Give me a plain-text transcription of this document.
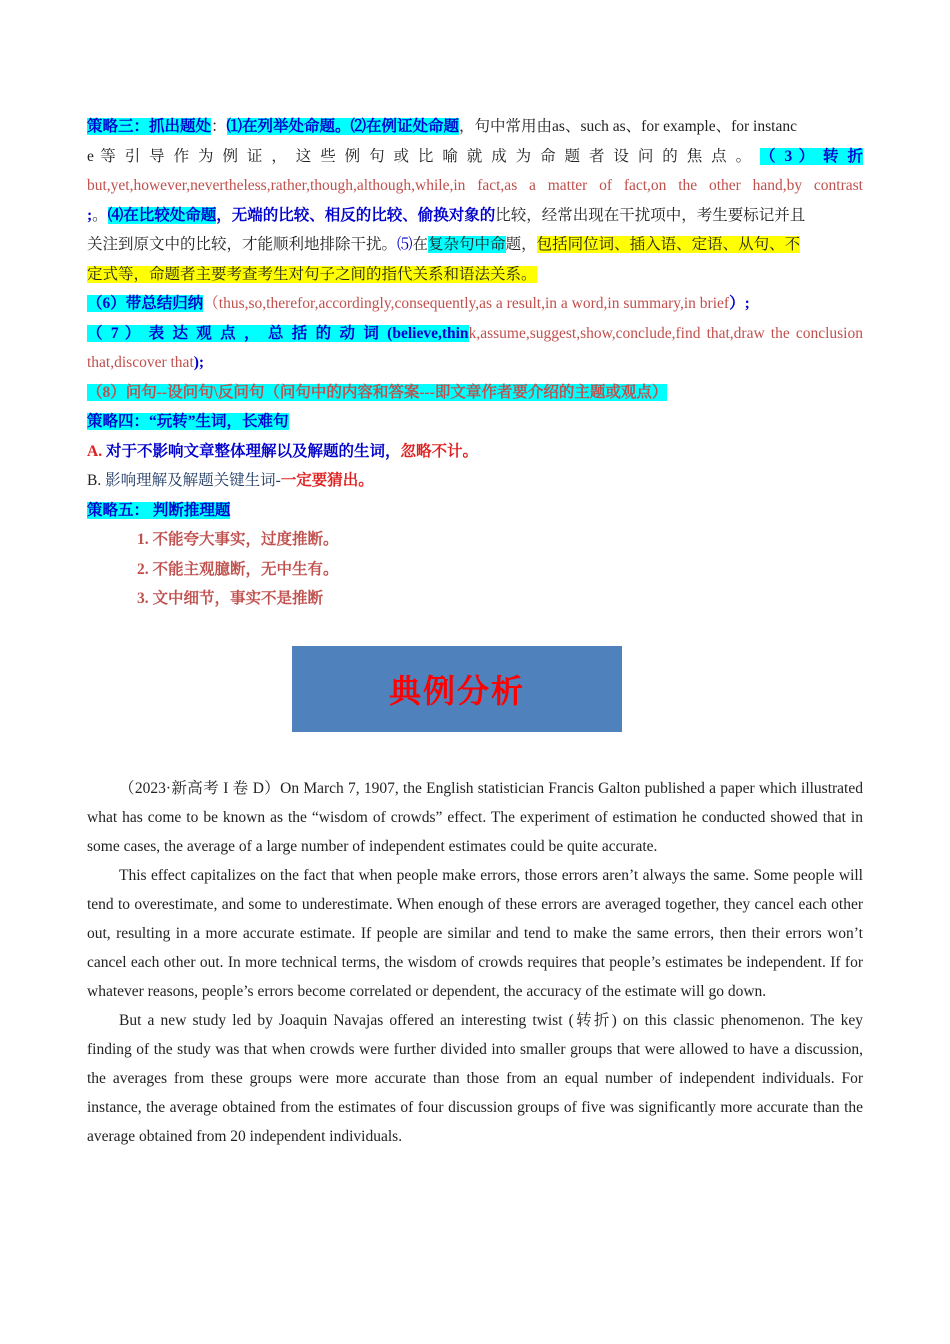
策略三：抓出题处：⑴在列举处命题。⑵在例证处命题，句中常用由as、such as、for example、for instanc
e 等 引 导 作 为 例 证 ， 这 些 例 句 或 比 喻 就 成 为 命 题 者 设 问 的 焦 点 。 （ 3 ） 转 折
but,yet,however,nevertheless,rather,though,although,while,in fact,as a matter of fact,on the other hand,by contrast
;。⑷在比较处命题，无端的比较、相反的比较、偷换对象的比较，经常出现在干扰项中，考生要标记并且
关注到原文中的比较，才能顺利地排除干扰。⑸在复杂句中命题，包括同位词、插入语、定语、从句、不
定式等，命题者主要考查考生对句子之间的指代关系和语法关系。
（6）带总结归纳（thus,so,therefor,accordingly,consequently,as a result,in a word,in summary,in brief）;
（ 7 ） 表 达 观 点 ， 总 括 的 动 词 (believe,think,assume,suggest,show,conclude,find that,draw the conclusion
that,discover that);
（8）问句--设问句\反问句（问句中的内容和答案---即文章作者要介绍的主题或观点）
策略四：“玩转”生词，长难句
A. 对于不影响文章整体理解以及解题的生词，忽略不计。
B. 影响理解及解题关键生词-一定要猜出。
策略五： 判断推理题
1. 不能夸大事实，过度推断。
2. 不能主观臆断，无中生有。
3. 文中细节，事实不是推断
典例分析

（2023·新高考 I 卷 D）On March 7, 1907, the English statistician Francis Galton published a paper which illustrated what has come to be known as the “wisdom of crowds” effect. The experiment of estimation he conducted showed that in some cases, the average of a large number of independent estimates could be quite accurate.

This effect capitalizes on the fact that when people make errors, those errors aren’t always the same. Some people will tend to overestimate, and some to underestimate. When enough of these errors are averaged together, they cancel each other out, resulting in a more accurate estimate. If people are similar and tend to make the same errors, then their errors won’t cancel each other out. In more technical terms, the wisdom of crowds requires that people’s estimates be independent. If for whatever reasons, people’s errors become correlated or dependent, the accuracy of the estimate will go down.

But a new study led by Joaquin Navajas offered an interesting twist (转折) on this classic phenomenon. The key finding of the study was that when crowds were further divided into smaller groups that were allowed to have a discussion, the averages from these groups were more accurate than those from an equal number of independent individuals. For instance, the average obtained from the estimates of four discussion groups of five was significantly more accurate than the average obtained from 20 independent individuals.
